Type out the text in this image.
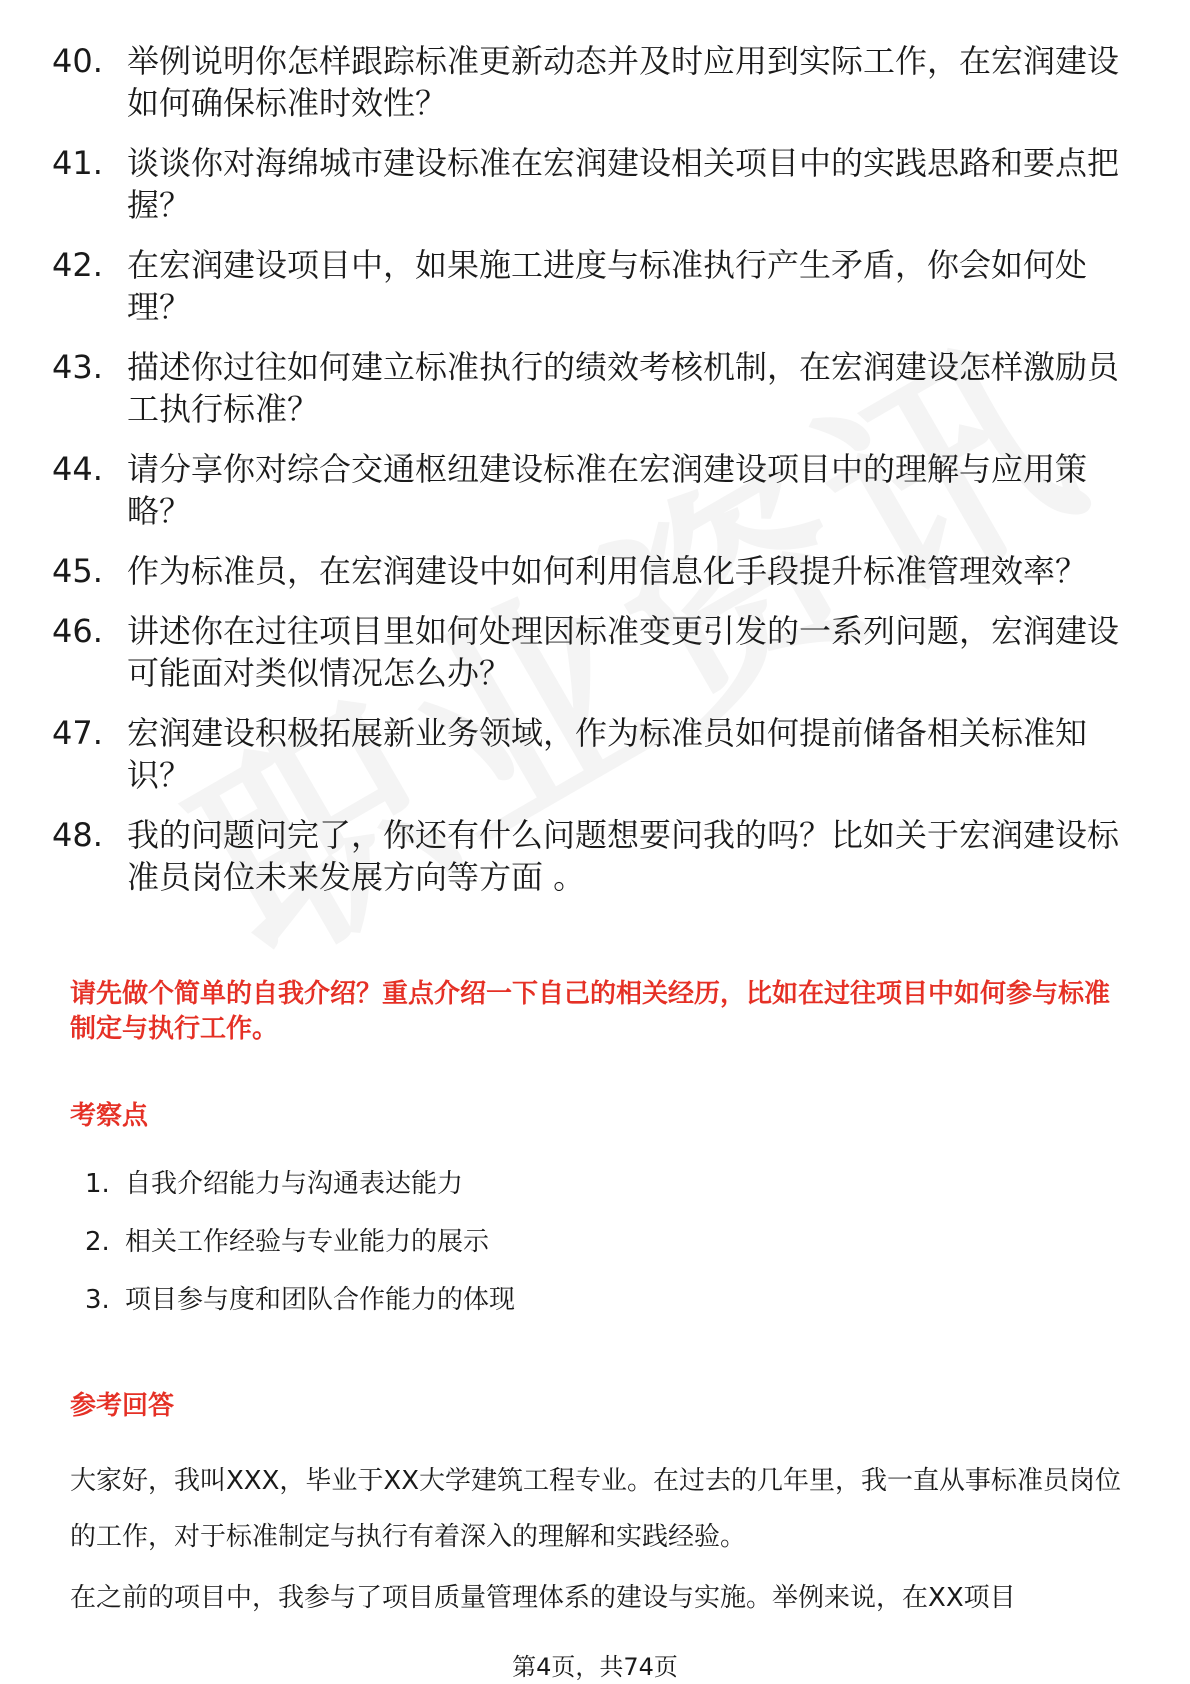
40. 举例说明你怎样跟踪标准更新动态并及时应用到实际工作，在宏润建设如何确保标准时效性？
41. 谈谈你对海绵城市建设标准在宏润建设相关项目中的实践思路和要点把握？
42. 在宏润建设项目中，如果施工进度与标准执行产生矛盾，你会如何处理？
43. 描述你过往如何建立标准执行的绩效考核机制，在宏润建设怎样激励员工执行标准？
44. 请分享你对综合交通枢纽建设标准在宏润建设项目中的理解与应用策略？
45. 作为标准员，在宏润建设中如何利用信息化手段提升标准管理效率？
46. 讲述你在过往项目里如何处理因标准变更引发的一系列问题，宏润建设可能面对类似情况怎么办？
47. 宏润建设积极拓展新业务领域，作为标准员如何提前储备相关标准知识？
48. 我的问题问完了，你还有什么问题想要问我的吗？比如关于宏润建设标准员岗位未来发展方向等方面 。
请先做个简单的自我介绍？重点介绍一下自己的相关经历，比如在过往项目中如何参与标准制定与执行工作。
考察点
1. 自我介绍能力与沟通表达能力
2. 相关工作经验与专业能力的展示
3. 项目参与度和团队合作能力的体现
参考回答

大家好，我叫XXX，毕业于XX大学建筑工程专业。在过去的几年里，我一直从事标准员岗位的工作，对于标准制定与执行有着深入的理解和实践经验。

在之前的项目中，我参与了项目质量管理体系的建设与实施。举例来说，在XX项目

第4页，共74页
